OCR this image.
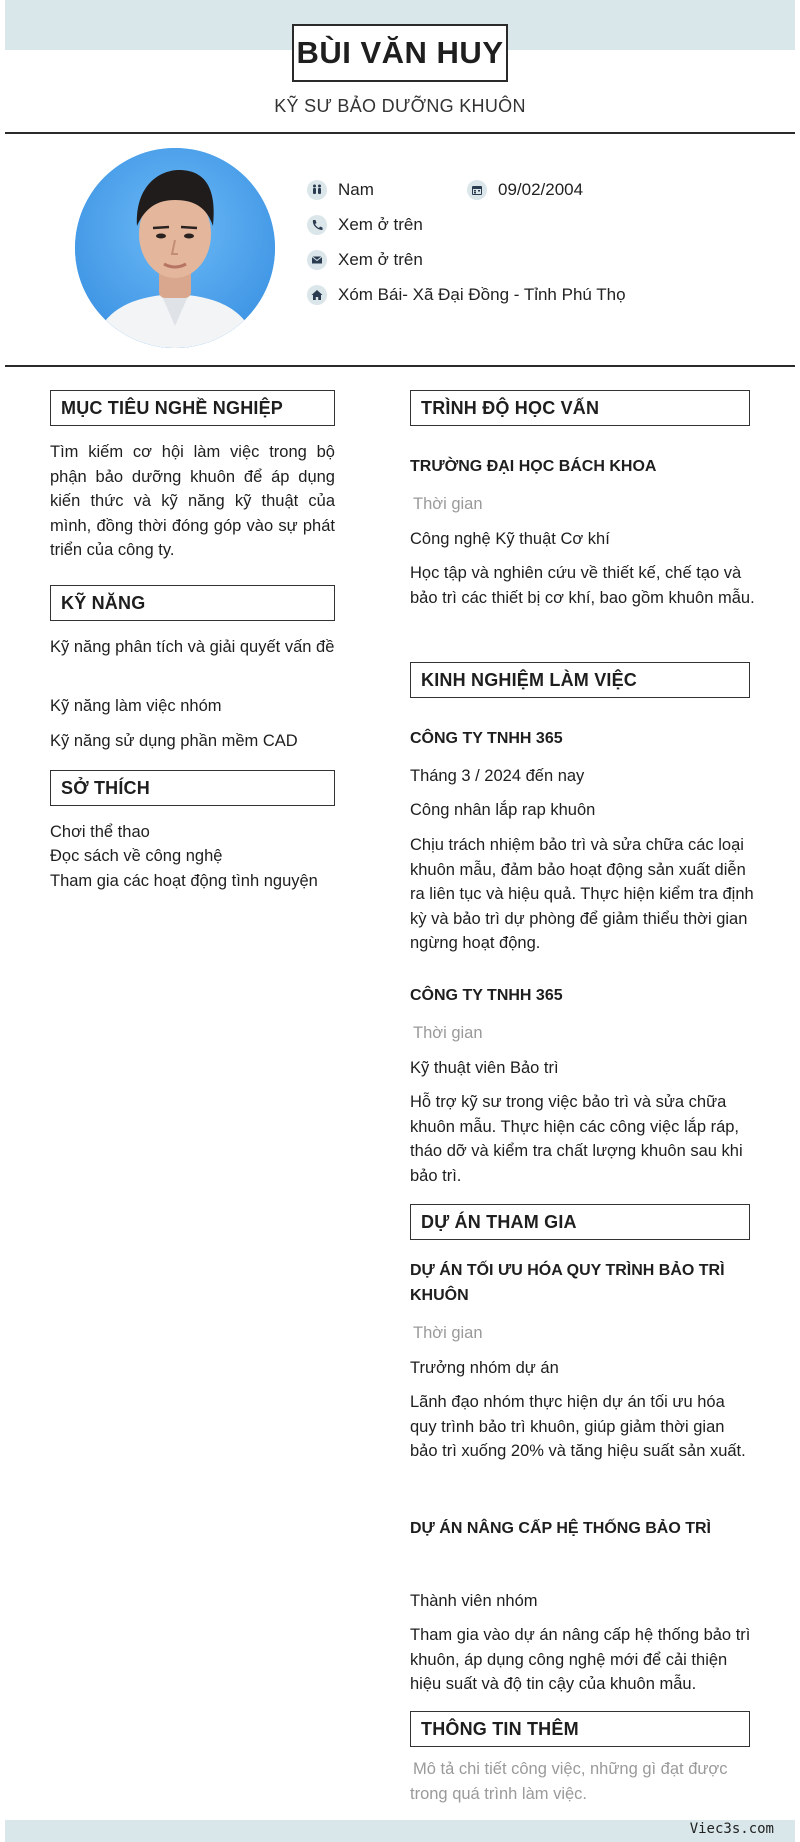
BÙI VĂN HUY
KỸ SƯ BẢO DƯỠNG KHUÔN
Nam	09/02/2004
Xem ở trên
Xem ở trên
Xóm Bái- Xã Đại Đồng - Tỉnh Phú Thọ
MỤC TIÊU NGHỀ NGHIỆP
Tìm kiếm cơ hội làm việc trong bộ phận bảo dưỡng khuôn để áp dụng kiến thức và kỹ năng kỹ thuật của mình, đồng thời đóng góp vào sự phát triển của công ty.
KỸ NĂNG
Kỹ năng phân tích và giải quyết vấn đề
Kỹ năng làm việc nhóm
Kỹ năng sử dụng phần mềm CAD
SỞ THÍCH
Chơi thể thao
Đọc sách về công nghệ
Tham gia các hoạt động tình nguyện
TRÌNH ĐỘ HỌC VẤN
TRƯỜNG ĐẠI HỌC BÁCH KHOA
Thời gian
Công nghệ Kỹ thuật Cơ khí
Học tập và nghiên cứu về thiết kế, chế tạo và bảo trì các thiết bị cơ khí, bao gồm khuôn mẫu.
KINH NGHIỆM LÀM VIỆC
CÔNG TY TNHH 365
Tháng 3 / 2024 đến nay
Công nhân lắp rap khuôn
Chịu trách nhiệm bảo trì và sửa chữa các loại khuôn mẫu, đảm bảo hoạt động sản xuất diễn ra liên tục và hiệu quả. Thực hiện kiểm tra định kỳ và bảo trì dự phòng để giảm thiểu thời gian ngừng hoạt động.
CÔNG TY TNHH 365
Thời gian
Kỹ thuật viên Bảo trì
Hỗ trợ kỹ sư trong việc bảo trì và sửa chữa khuôn mẫu. Thực hiện các công việc lắp ráp, tháo dỡ và kiểm tra chất lượng khuôn sau khi bảo trì.
DỰ ÁN THAM GIA
DỰ ÁN TỐI ƯU HÓA QUY TRÌNH BẢO TRÌ KHUÔN
Thời gian
Trưởng nhóm dự án
Lãnh đạo nhóm thực hiện dự án tối ưu hóa quy trình bảo trì khuôn, giúp giảm thời gian bảo trì xuống 20% và tăng hiệu suất sản xuất.
DỰ ÁN NÂNG CẤP HỆ THỐNG BẢO TRÌ
Thành viên nhóm
Tham gia vào dự án nâng cấp hệ thống bảo trì khuôn, áp dụng công nghệ mới để cải thiện hiệu suất và độ tin cậy của khuôn mẫu.
THÔNG TIN THÊM
Mô tả chi tiết công việc, những gì đạt được trong quá trình làm việc.
Viec3s.com
